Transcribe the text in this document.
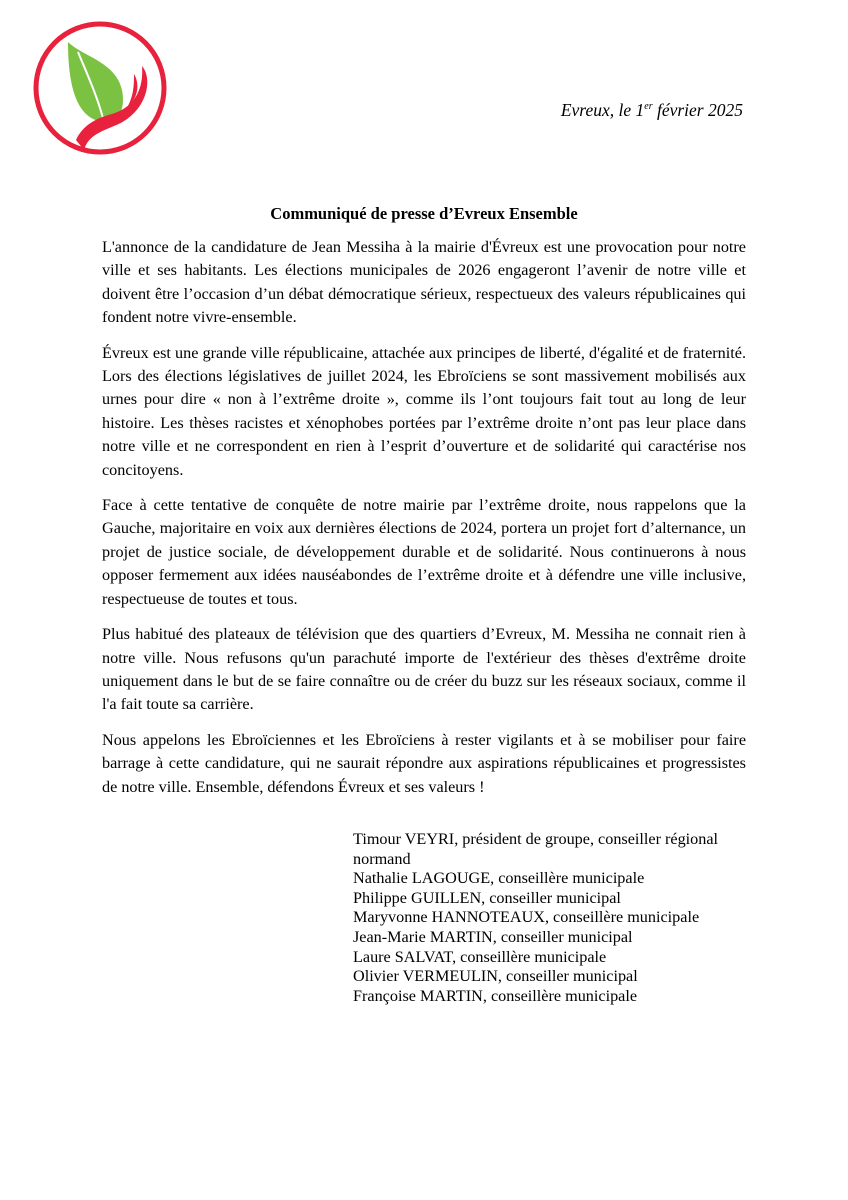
Evreux, le 1er février 2025
Communiqué de presse d’Evreux Ensemble

L'annonce de la candidature de Jean Messiha à la mairie d'Évreux est une provocation pour notre ville et ses habitants. Les élections municipales de 2026 engageront l’avenir de notre ville et doivent être l’occasion d’un débat démocratique sérieux, respectueux des valeurs républicaines qui fondent notre vivre-ensemble.

Évreux est une grande ville républicaine, attachée aux principes de liberté, d'égalité et de fraternité. Lors des élections législatives de juillet 2024, les Ebroïciens se sont massivement mobilisés aux urnes pour dire « non à l’extrême droite », comme ils l’ont toujours fait tout au long de leur histoire. Les thèses racistes et xénophobes portées par l’extrême droite n’ont pas leur place dans notre ville et ne correspondent en rien à l’esprit d’ouverture et de solidarité qui caractérise nos concitoyens.

Face à cette tentative de conquête de notre mairie par l’extrême droite, nous rappelons que la Gauche, majoritaire en voix aux dernières élections de 2024, portera un projet fort d’alternance, un projet de justice sociale, de développement durable et de solidarité. Nous continuerons à nous opposer fermement aux idées nauséabondes de l’extrême droite et à défendre une ville inclusive, respectueuse de toutes et tous.

Plus habitué des plateaux de télévision que des quartiers d’Evreux, M. Messiha ne connait rien à notre ville. Nous refusons qu'un parachuté importe de l'extérieur des thèses d'extrême droite uniquement dans le but de se faire connaître ou de créer du buzz sur les réseaux sociaux, comme il l'a fait toute sa carrière.

Nous appelons les Ebroïciennes et les Ebroïciens à rester vigilants et à se mobiliser pour faire barrage à cette candidature, qui ne saurait répondre aux aspirations républicaines et progressistes de notre ville. Ensemble, défendons Évreux et ses valeurs !

Timour VEYRI, président de groupe, conseiller régional normand
Nathalie LAGOUGE, conseillère municipale
Philippe GUILLEN, conseiller municipal
Maryvonne HANNOTEAUX, conseillère municipale
Jean-Marie MARTIN, conseiller municipal
Laure SALVAT, conseillère municipale
Olivier VERMEULIN, conseiller municipal
Françoise MARTIN, conseillère municipale
